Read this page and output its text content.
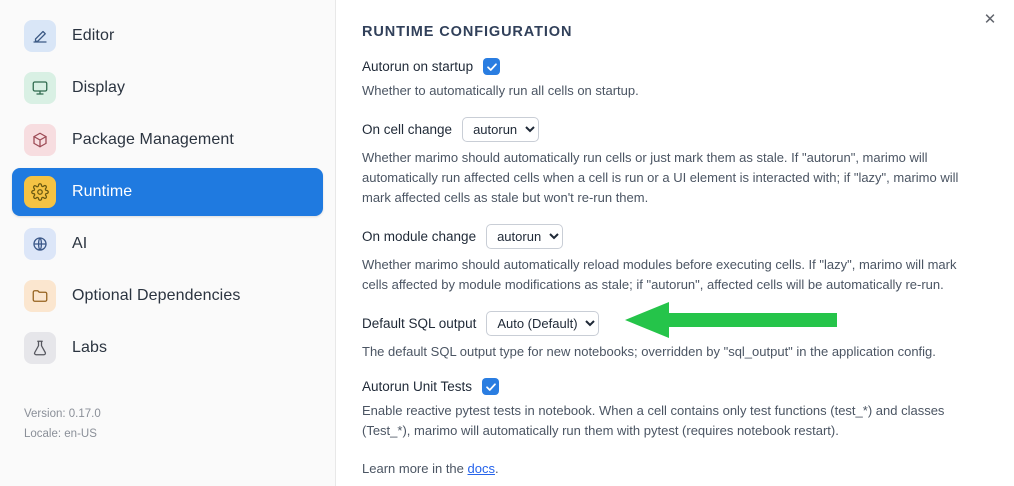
Editor
Display
Package Management
Runtime
AI
Optional Dependencies
Labs
Version: 0.17.0
Locale: en-US
✕
RUNTIME CONFIGURATION
Autorun on startup

Whether to automatically run all cells on startup.

On cell change
autorun

Whether marimo should automatically run cells or just mark them as stale. If "autorun", marimo will automatically run affected cells when a cell is run or a UI element is interacted with; if "lazy", marimo will mark affected cells as stale but won't re-run them.

On module change
autorun

Whether marimo should automatically reload modules before executing cells. If "lazy", marimo will mark cells affected by module modifications as stale; if "autorun", affected cells will be automatically re-run.

Default SQL output
Auto (Default)

The default SQL output type for new notebooks; overridden by "sql_output" in the application config.

Autorun Unit Tests

Enable reactive pytest tests in notebook. When a cell contains only test functions (test_*) and classes (Test_*), marimo will automatically run them with pytest (requires notebook restart).

Learn more in the docs.
